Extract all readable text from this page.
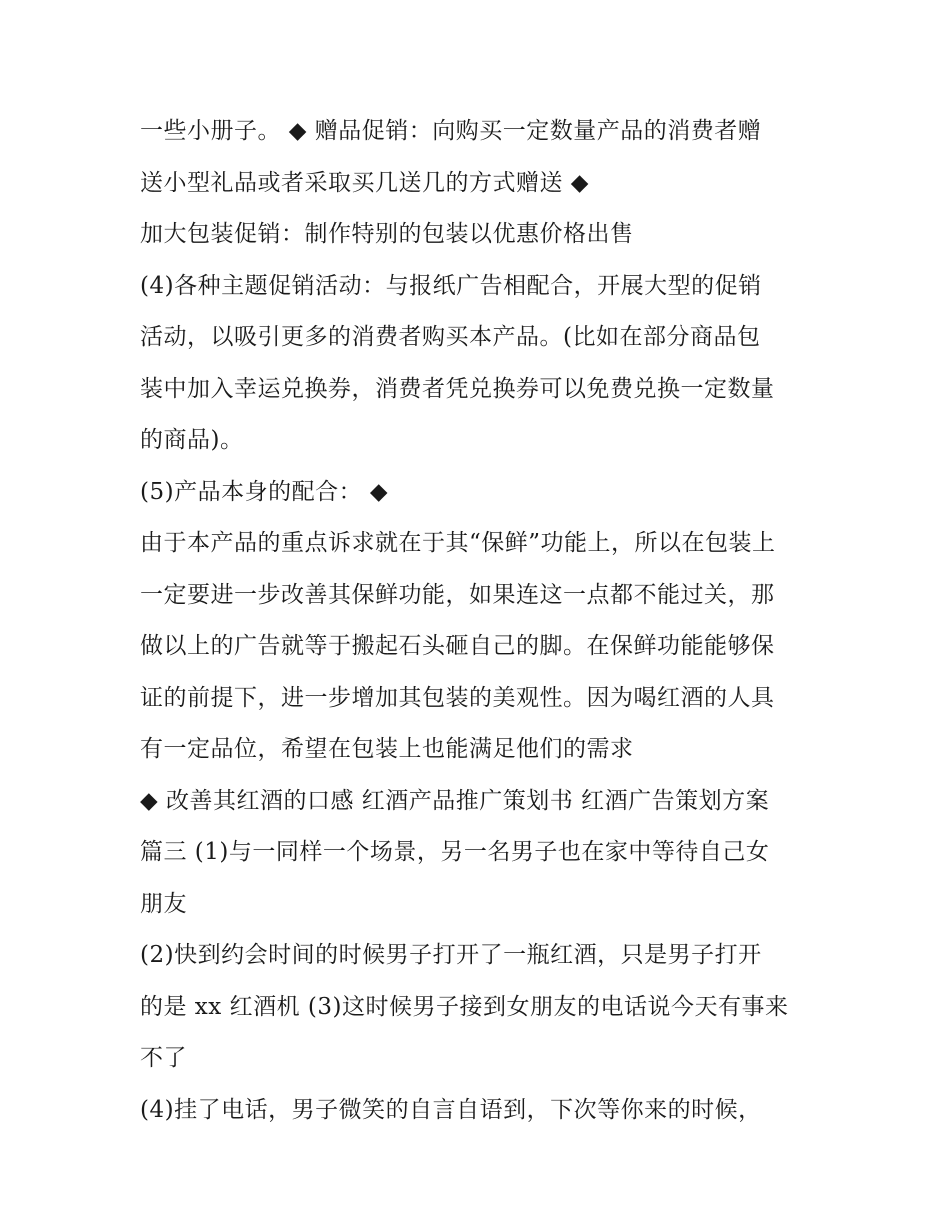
一些小册子。 ◆ 赠品促销：向购买一定数量产品的消费者赠
送小型礼品或者采取买几送几的方式赠送 ◆
加大包装促销：制作特别的包装以优惠价格出售
(4)各种主题促销活动：与报纸广告相配合，开展大型的促销
活动，以吸引更多的消费者购买本产品。(比如在部分商品包
装中加入幸运兑换券，消费者凭兑换券可以免费兑换一定数量
的商品)。
(5)产品本身的配合： ◆
由于本产品的重点诉求就在于其“保鲜”功能上，所以在包装上
一定要进一步改善其保鲜功能，如果连这一点都不能过关，那
做以上的广告就等于搬起石头砸自己的脚。在保鲜功能能够保
证的前提下，进一步增加其包装的美观性。因为喝红酒的人具
有一定品位，希望在包装上也能满足他们的需求
◆ 改善其红酒的口感 红酒产品推广策划书 红酒广告策划方案
篇三 (1)与一同样一个场景，另一名男子也在家中等待自己女
朋友
(2)快到约会时间的时候男子打开了一瓶红酒，只是男子打开
的是 xx 红酒机 (3)这时候男子接到女朋友的电话说今天有事来
不了
(4)挂了电话，男子微笑的自言自语到，下次等你来的时候，
